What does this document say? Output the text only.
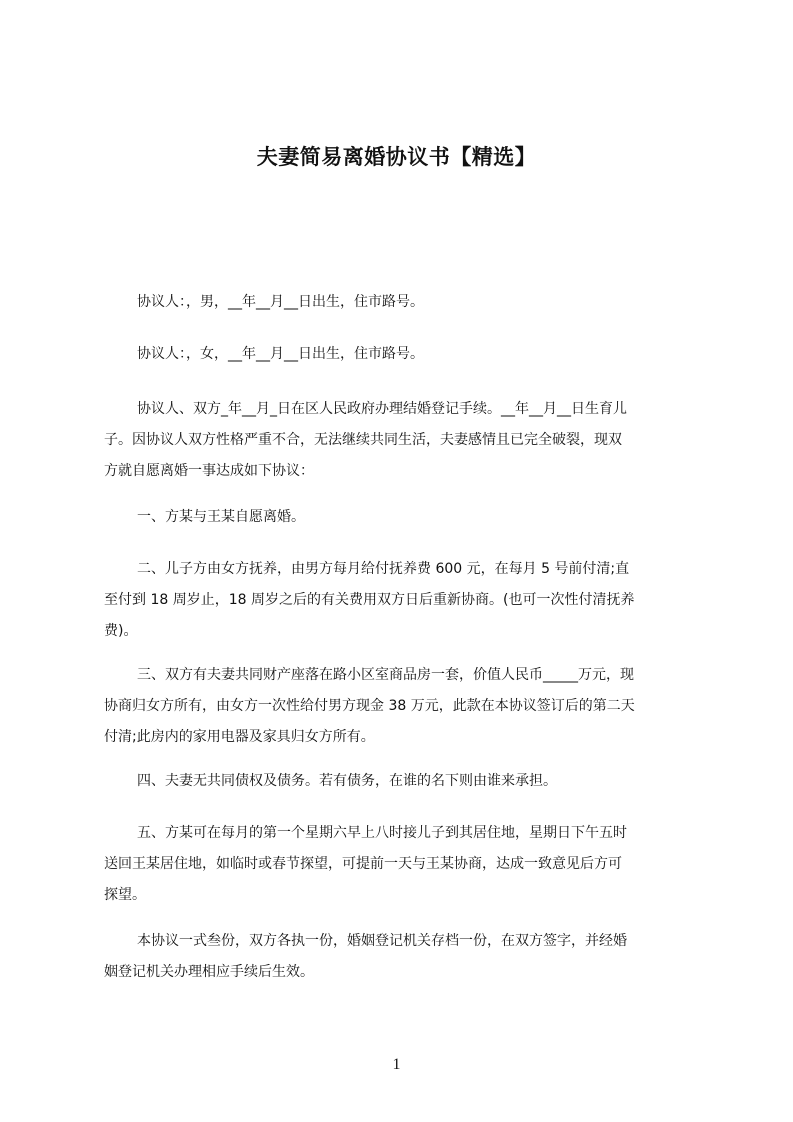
夫妻简易离婚协议书【精选】
协议人：，男，__年__月__日出生，住市路号。
协议人：，女，__年__月__日出生，住市路号。
协议人、双方_年__月_日在区人民政府办理结婚登记手续。__年__月__日生育儿
子。因协议人双方性格严重不合，无法继续共同生活，夫妻感情且已完全破裂，现双
方就自愿离婚一事达成如下协议：
一、方某与王某自愿离婚。
二、儿子方由女方抚养，由男方每月给付抚养费 600 元，在每月 5 号前付清;直
至付到 18 周岁止，18 周岁之后的有关费用双方日后重新协商。(也可一次性付清抚养
费)。
三、双方有夫妻共同财产座落在路小区室商品房一套，价值人民币_____万元，现
协商归女方所有，由女方一次性给付男方现金 38 万元，此款在本协议签订后的第二天
付清;此房内的家用电器及家具归女方所有。
四、夫妻无共同债权及债务。若有债务，在谁的名下则由谁来承担。
五、方某可在每月的第一个星期六早上八时接儿子到其居住地，星期日下午五时
送回王某居住地，如临时或春节探望，可提前一天与王某协商，达成一致意见后方可
探望。
本协议一式叁份，双方各执一份，婚姻登记机关存档一份，在双方签字，并经婚
姻登记机关办理相应手续后生效。
1
